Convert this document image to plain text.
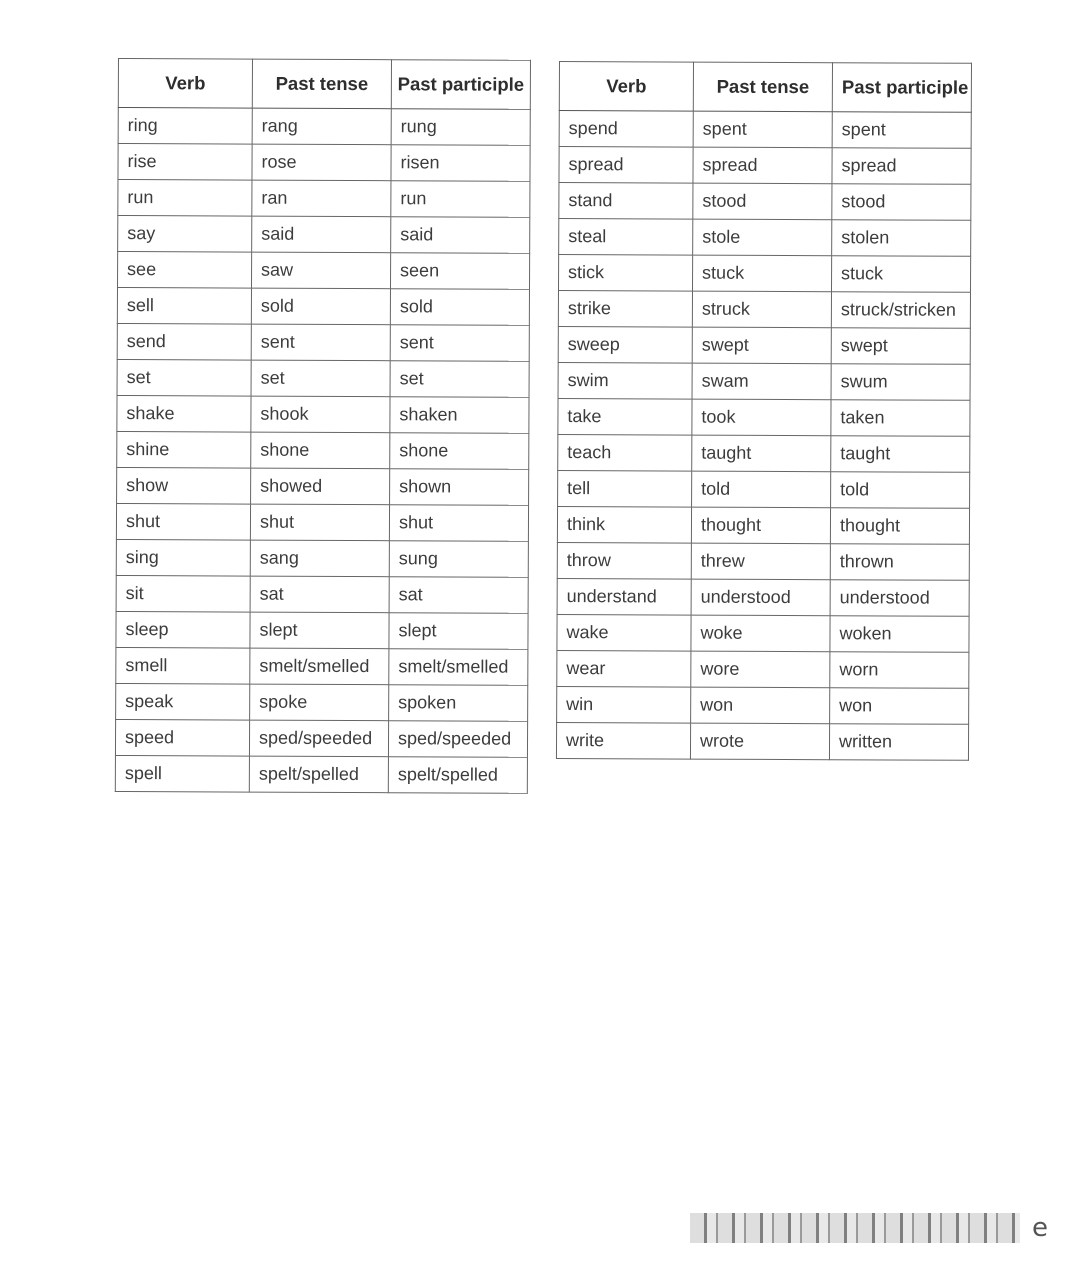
Verb	Past tense	Past participle
ring	rang	rung
rise	rose	risen
run	ran	run
say	said	said
see	saw	seen
sell	sold	sold
send	sent	sent
set	set	set
shake	shook	shaken
shine	shone	shone
show	showed	shown
shut	shut	shut
sing	sang	sung
sit	sat	sat
sleep	slept	slept
smell	smelt/smelled	smelt/smelled
speak	spoke	spoken
speed	sped/speeded	sped/speeded
spell	spelt/spelled	spelt/spelled
Verb	Past tense	Past participle
spend	spent	spent
spread	spread	spread
stand	stood	stood
steal	stole	stolen
stick	stuck	stuck
strike	struck	struck/stricken
sweep	swept	swept
swim	swam	swum
take	took	taken
teach	taught	taught
tell	told	told
think	thought	thought
throw	threw	thrown
understand	understood	understood
wake	woke	woken
wear	wore	worn
win	won	won
write	wrote	written
e
